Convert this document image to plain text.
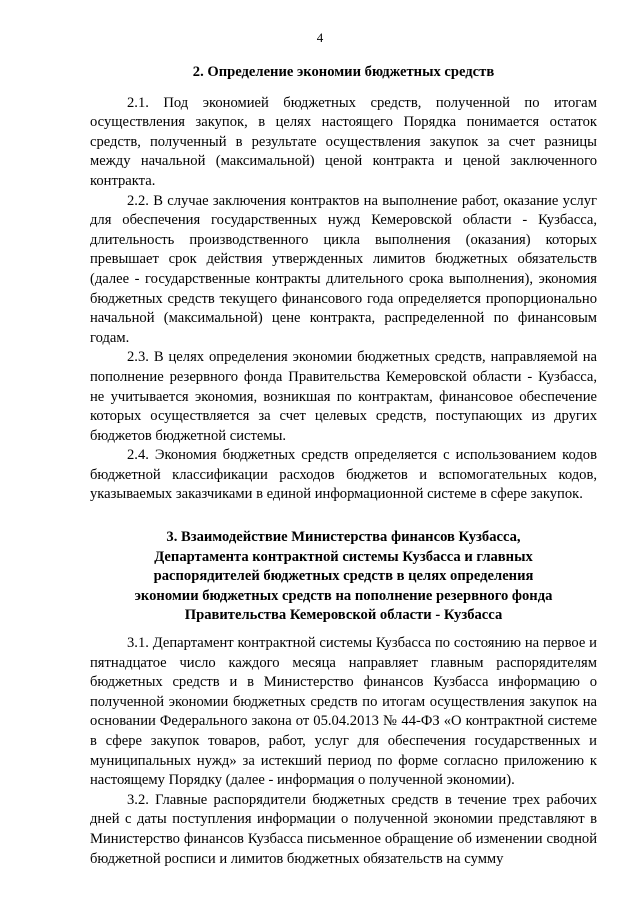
4
2. Определение экономии бюджетных средств

2.1. Под экономией бюджетных средств, полученной по итогам осуществления закупок, в целях настоящего Порядка понимается остаток средств, полученный в результате осуществления закупок за счет разницы между начальной (максимальной) ценой контракта и ценой заключенного контракта.

2.2. В случае заключения контрактов на выполнение работ, оказание услуг для обеспечения государственных нужд Кемеровской области - Кузбасса, длительность производственного цикла выполнения (оказания) которых превышает срок действия утвержденных лимитов бюджетных обязательств (далее - государственные контракты длительного срока выполнения), экономия бюджетных средств текущего финансового года определяется пропорционально начальной (максимальной) цене контракта, распределенной по финансовым годам.

2.3. В целях определения экономии бюджетных средств, направляемой на пополнение резервного фонда Правительства Кемеровской области - Кузбасса, не учитывается экономия, возникшая по контрактам, финансовое обеспечение которых осуществляется за счет целевых средств, поступающих из других бюджетов бюджетной системы.

2.4. Экономия бюджетных средств определяется с использованием кодов бюджетной классификации расходов бюджетов и вспомогательных кодов, указываемых заказчиками в единой информационной системе в сфере закупок.

3. Взаимодействие Министерства финансов Кузбасса,
Департамента контрактной системы Кузбасса и главных
распорядителей бюджетных средств в целях определения
экономии бюджетных средств на пополнение резервного фонда
Правительства Кемеровской области - Кузбасса

3.1. Департамент контрактной системы Кузбасса по состоянию на первое и пятнадцатое число каждого месяца направляет главным распорядителям бюджетных средств и в Министерство финансов Кузбасса информацию о полученной экономии бюджетных средств по итогам осуществления закупок на основании Федерального закона от 05.04.2013 № 44-ФЗ «О контрактной системе в сфере закупок товаров, работ, услуг для обеспечения государственных и муниципальных нужд» за истекший период по форме согласно приложению к настоящему Порядку (далее - информация о полученной экономии).

3.2. Главные распорядители бюджетных средств в течение трех рабочих дней с даты поступления информации о полученной экономии представляют в Министерство финансов Кузбасса письменное обращение об изменении сводной бюджетной росписи и лимитов бюджетных обязательств на сумму
